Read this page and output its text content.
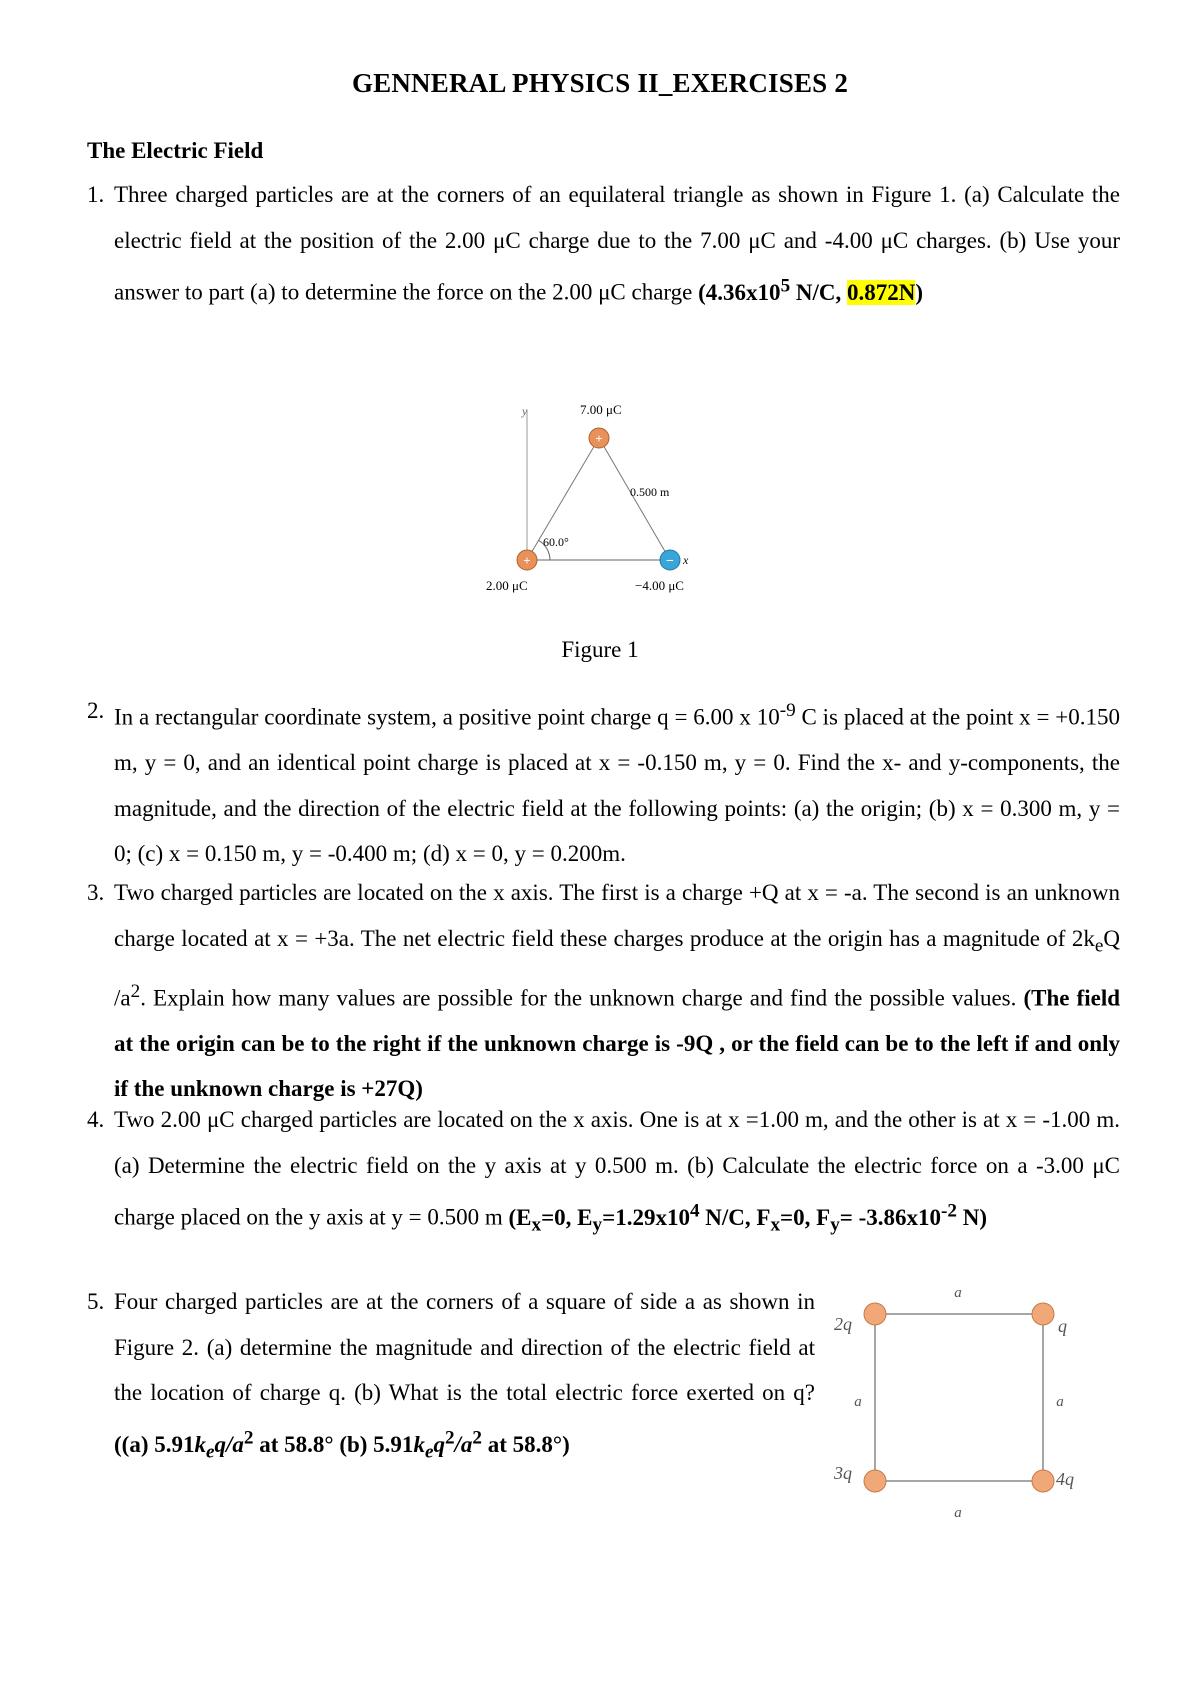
GENNERAL PHYSICS II_EXERCISES 2
The Electric Field
1. Three charged particles are at the corners of an equilateral triangle as shown in Figure 1. (a) Calculate the electric field at the position of the 2.00 μC charge due to the 7.00 μC and -4.00 μC charges. (b) Use your answer to part (a) to determine the force on the 2.00 μC charge ($4.36x10^5$ N/C, 0.872N)
y
x
60.0°
0.500 m
+
7.00 μC
+
2.00 μC
−
−4.00 μC
Figure 1
2. In a rectangular coordinate system, a positive point charge q = 6.00 x $10^{-9}$ C is placed at the point x = +0.150 m, y = 0, and an identical point charge is placed at x = -0.150 m, y = 0. Find the x- and y-components, the magnitude, and the direction of the electric field at the following points: (a) the origin; (b) x = 0.300 m, y = 0; (c) x = 0.150 m, y = -0.400 m; (d) x = 0, y = 0.200m.
3. Two charged particles are located on the x axis. The first is a charge +Q at x = -a. The second is an unknown charge located at x = +3a. The net electric field these charges produce at the origin has a magnitude of $2k_eQ$ $/a^2$. Explain how many values are possible for the unknown charge and find the possible values. (The field at the origin can be to the right if the unknown charge is -9Q , or the field can be to the left if and only if the unknown charge is +27Q)
4. Two 2.00 μC charged particles are located on the x axis. One is at x =1.00 m, and the other is at x = -1.00 m. (a) Determine the electric field on the y axis at y 0.500 m. (b) Calculate the electric force on a -3.00 μC charge placed on the y axis at y = 0.500 m ($E_x=0$, $E_y=1.29x10^4$ N/C, $F_x=0$, $F_y= -3.86x10^{-2}$ N)
5. Four charged particles are at the corners of a square of side a as shown in Figure 2. (a) determine the magnitude and direction of the electric field at the location of charge q. (b) What is the total electric force exerted on q? ((a) $5.91k_eq/a^2$ at 58.8° (b) $5.91k_eq^2/a^2$ at 58.8°)
a
a
a	a
2q	q
3q	4q
